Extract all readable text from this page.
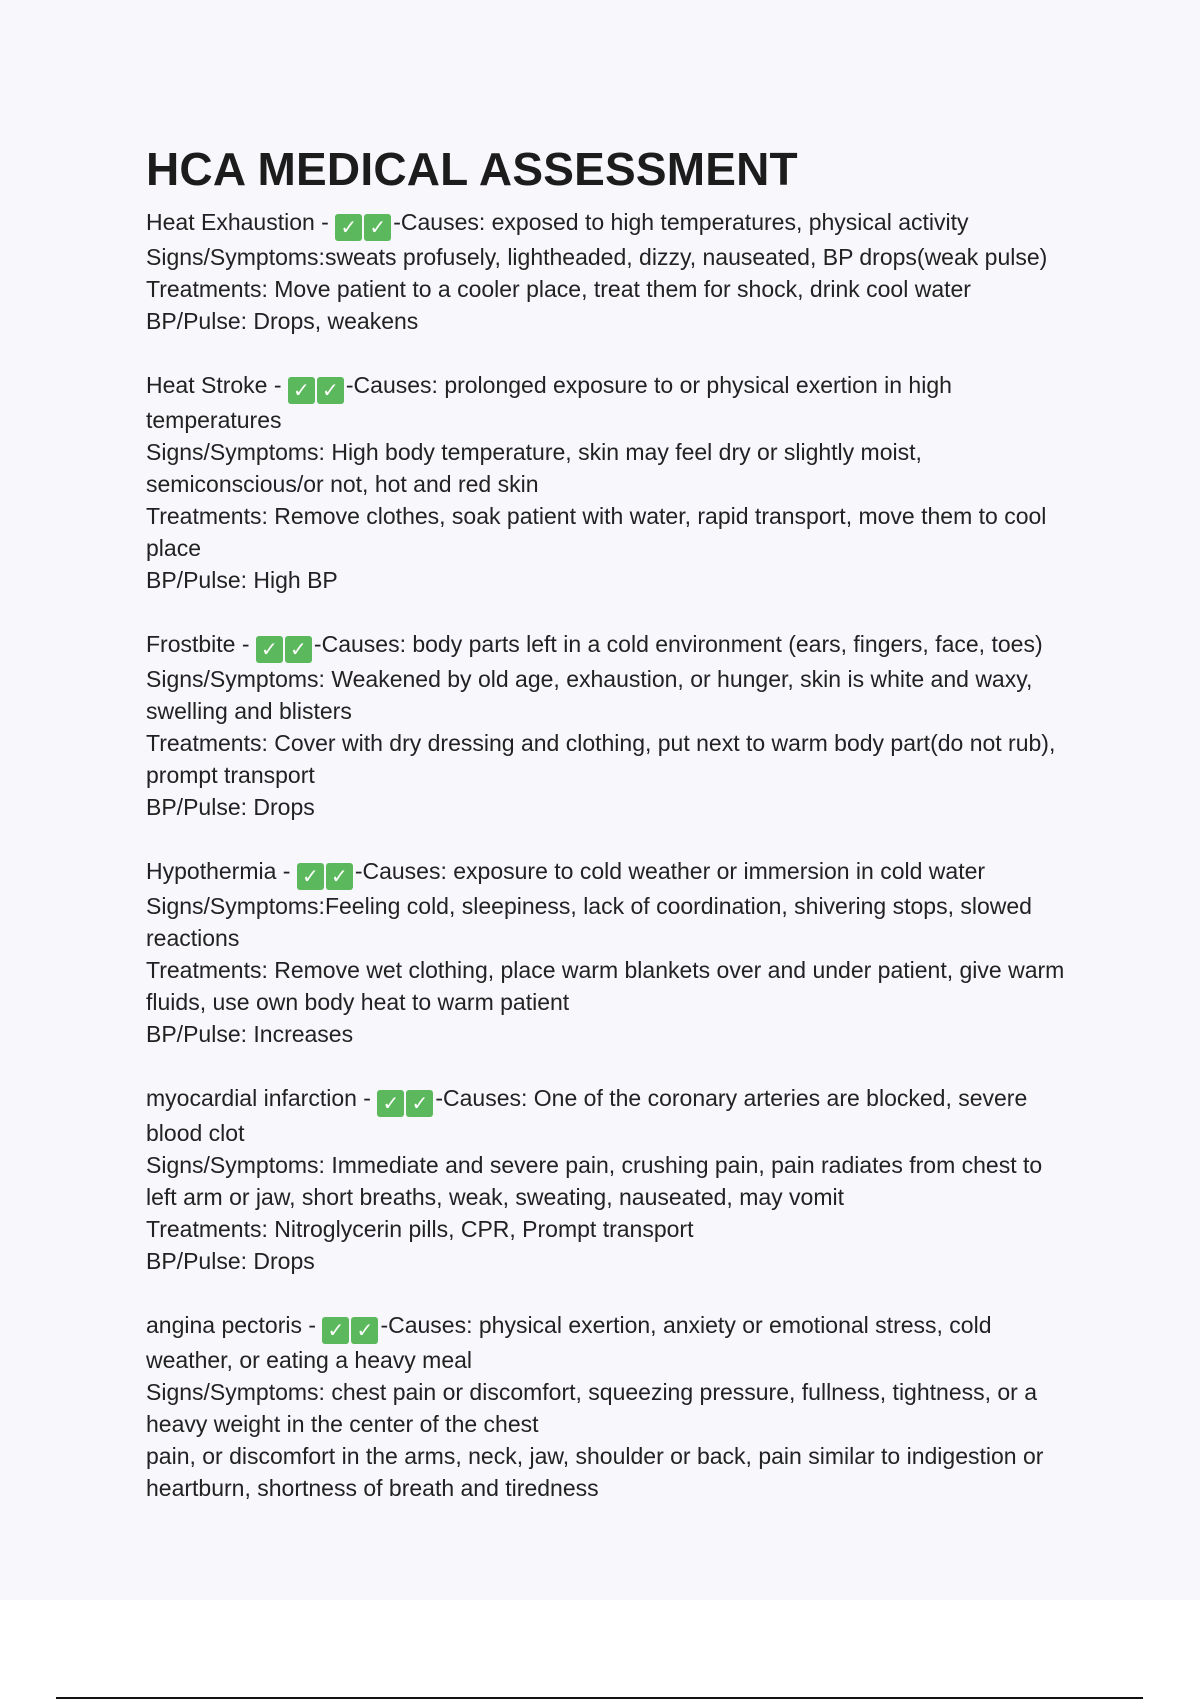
HCA MEDICAL ASSESSMENT
Heat Exhaustion - ✓ ✓ -Causes: exposed to high temperatures, physical activity
Signs/Symptoms:sweats profusely, lightheaded, dizzy, nauseated, BP drops(weak pulse)
Treatments: Move patient to a cooler place, treat them for shock, drink cool water
BP/Pulse: Drops, weakens
Heat Stroke - ✓ ✓ -Causes: prolonged exposure to or physical exertion in high temperatures
Signs/Symptoms: High body temperature, skin may feel dry or slightly moist, semiconscious/or not, hot and red skin
Treatments: Remove clothes, soak patient with water, rapid transport, move them to cool place
BP/Pulse: High BP
Frostbite - ✓ ✓ -Causes: body parts left in a cold environment (ears, fingers, face, toes)
Signs/Symptoms: Weakened by old age, exhaustion, or hunger, skin is white and waxy, swelling and blisters
Treatments: Cover with dry dressing and clothing, put next to warm body part(do not rub), prompt transport
BP/Pulse: Drops
Hypothermia - ✓ ✓ -Causes: exposure to cold weather or immersion in cold water
Signs/Symptoms:Feeling cold, sleepiness, lack of coordination, shivering stops, slowed reactions
Treatments: Remove wet clothing, place warm blankets over and under patient, give warm fluids, use own body heat to warm patient
BP/Pulse: Increases
myocardial infarction - ✓ ✓ -Causes: One of the coronary arteries are blocked, severe blood clot
Signs/Symptoms: Immediate and severe pain, crushing pain, pain radiates from chest to left arm or jaw, short breaths, weak, sweating, nauseated, may vomit
Treatments: Nitroglycerin pills, CPR, Prompt transport
BP/Pulse: Drops
angina pectoris - ✓ ✓ -Causes: physical exertion, anxiety or emotional stress, cold weather, or eating a heavy meal
Signs/Symptoms: chest pain or discomfort, squeezing pressure, fullness, tightness, or a heavy weight in the center of the chest
pain, or discomfort in the arms, neck, jaw, shoulder or back, pain similar to indigestion or heartburn, shortness of breath and tiredness
